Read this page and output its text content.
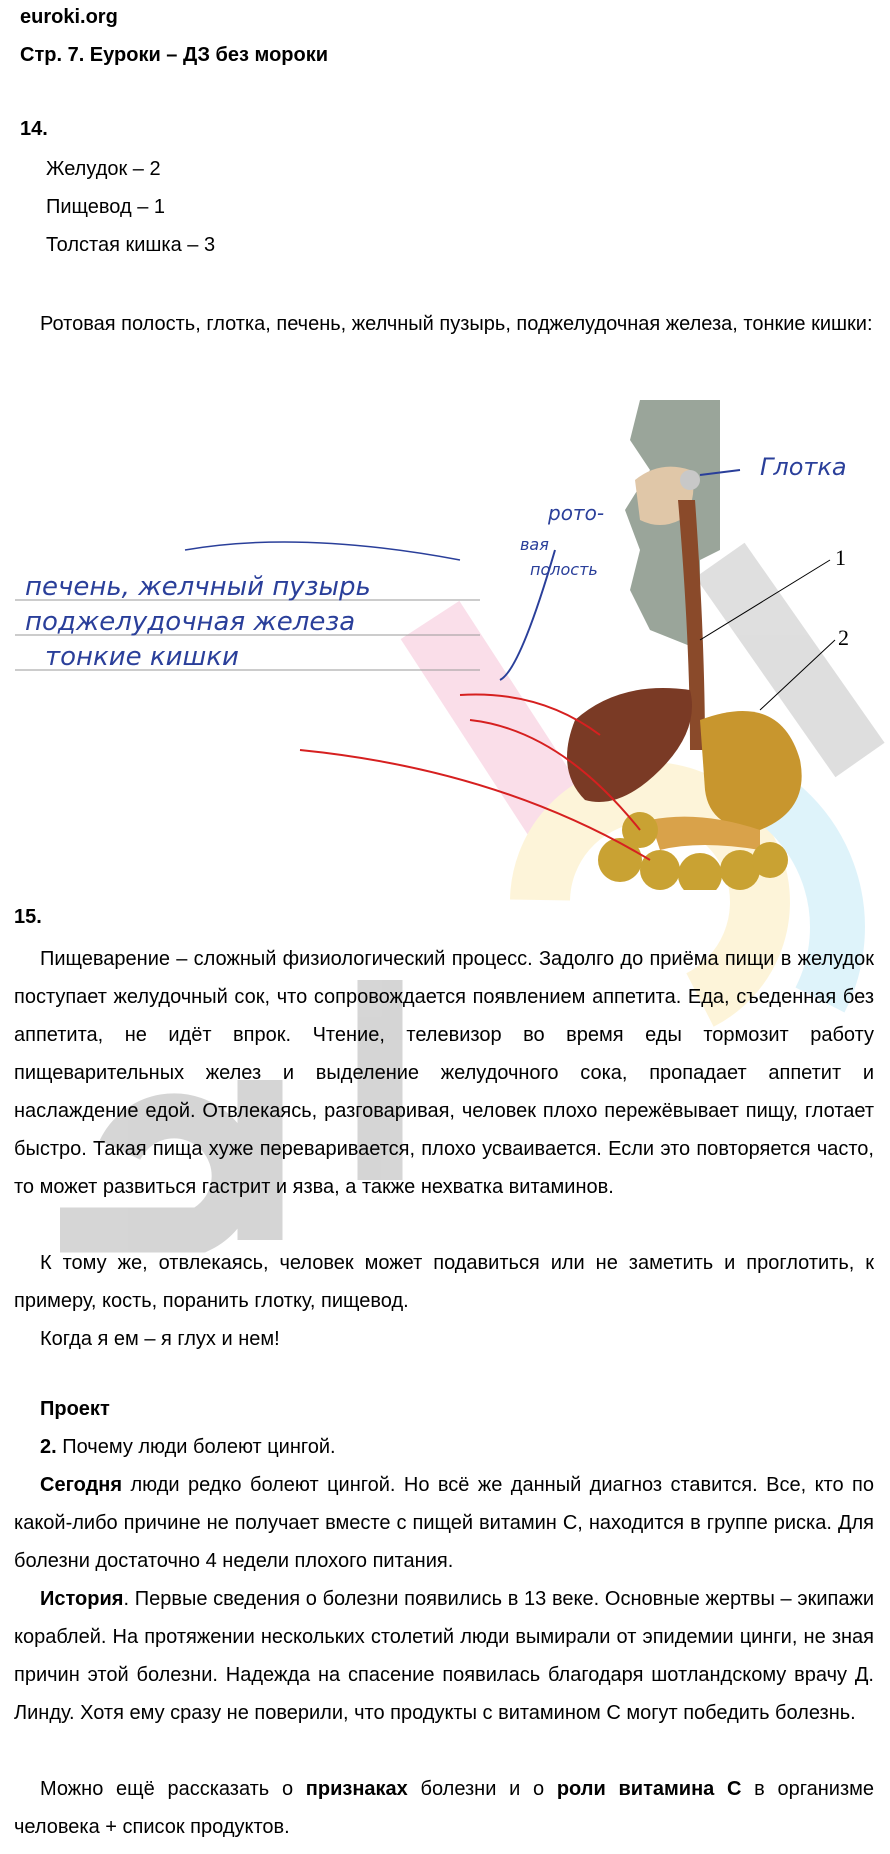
euroki.org
Стр. 7. Еуроки – ДЗ без мороки
14.
Желудок – 2
Пищевод – 1
Толстая кишка – 3

Ротовая полость, глотка, печень, желчный пузырь, поджелудочная железа, тонкие кишки:

Глотка
рото-
вая
полость	1
2
печень, желчный пузырь
поджелудочная железа
тонкие кишки
15.

Пищеварение – сложный физиологический процесс. Задолго до приёма пищи в желудок поступает желудочный сок, что сопровождается появлением аппетита. Еда, съеденная без аппетита, не идёт впрок. Чтение, телевизор во время еды тормозит работу пищеварительных желез и выделение желудочного сока, пропадает аппетит и наслаждение едой. Отвлекаясь, разговаривая, человек плохо пережёвывает пищу, глотает быстро. Такая пища хуже переваривается, плохо усваивается. Если это повторяется часто, то может развиться гастрит и язва, а также нехватка витаминов.

К тому же, отвлекаясь, человек может подавиться или не заметить и проглотить, к примеру, кость, поранить глотку, пищевод.

Когда я ем – я глух и нем!

Проект
2. Почему люди болеют цингой.

Сегодня люди редко болеют цингой. Но всё же данный диагноз ставится. Все, кто по какой-либо причине не получает вместе с пищей витамин С, находится в группе риска. Для болезни достаточно 4 недели плохого питания.

История. Первые сведения о болезни появились в 13 веке. Основные жертвы – экипажи кораблей. На протяжении нескольких столетий люди вымирали от эпидемии цинги, не зная причин этой болезни. Надежда на спасение появилась благодаря шотландскому врачу Д. Линду. Хотя ему сразу не поверили, что продукты с витамином С могут победить болезнь.

Можно ещё рассказать о признаках болезни и о роли витамина С в организме человека + список продуктов.
